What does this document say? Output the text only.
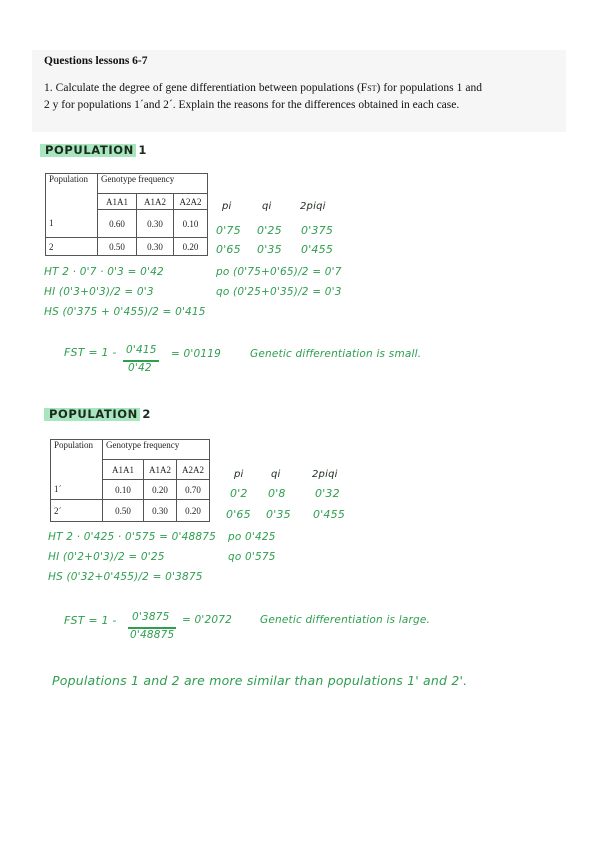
Questions lessons 6-7
1. Calculate the degree of gene differentiation between populations (FST) for populations 1 and 2 y for populations 1´and 2´. Explain the reasons for the differences obtained in each case.
POPULATION 1
Population	Genotype frequency		
	A1A1	A1A2	A2A2
1	0.60	0.30	0.10
2	0.50	0.30	0.20
pi	qi	2piqi
0'75 0'25 0'375
0'65 0'35 0'455
HT 2 · 0'7 · 0'3 = 0'42
HI (0'3+0'3)/2 = 0'3
HS (0'375 + 0'455)/2 = 0'415
po (0'75+0'65)/2 = 0'7
qo (0'25+0'35)/2 = 0'3
FST = 1 - 0'415
0'42
= 0'0119	Genetic differentiation is small.
POPULATION 2
Population	Genotype frequency		
	A1A1	A1A2	A2A2
1´	0.10	0.20	0.70
2´	0.50	0.30	0.20
pi	qi	2piqi
0'2 0'8	0'32
0'65 0'35 0'455
HT 2 · 0'425 · 0'575 = 0'48875
HI (0'2+0'3)/2 = 0'25
HS (0'32+0'455)/2 = 0'3875
po 0'425
qo 0'575
FST = 1 - 0'3875
0'48875
= 0'2072	Genetic differentiation is large.
Populations 1 and 2 are more similar than populations 1' and 2'.
